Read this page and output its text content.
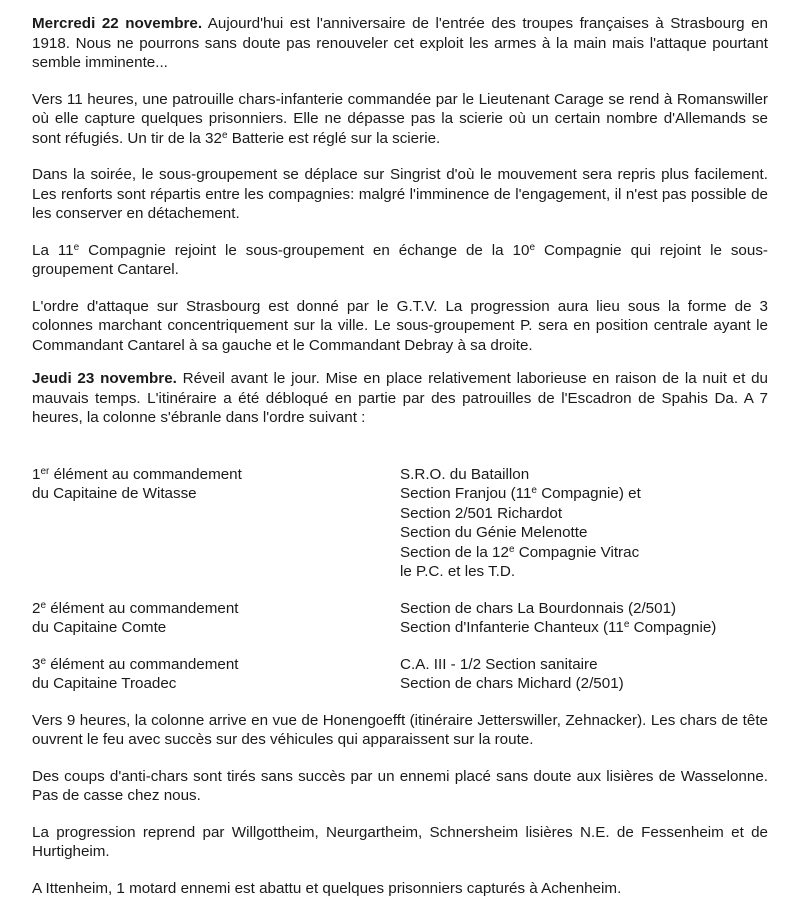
Mercredi 22 novembre. Aujourd'hui est l'anniversaire de l'entrée des troupes françaises à Strasbourg en 1918. Nous ne pourrons sans doute pas renouveler cet exploit les armes à la main mais l'attaque pourtant semble imminente...

Vers 11 heures, une patrouille chars-infanterie commandée par le Lieutenant Carage se rend à Romanswiller où elle capture quelques prisonniers. Elle ne dépasse pas la scierie où un certain nombre d'Allemands se sont réfugiés. Un tir de la 32e Batterie est réglé sur la scierie.

Dans la soirée, le sous-groupement se déplace sur Singrist d'où le mouvement sera repris plus facilement. Les renforts sont répartis entre les compagnies: malgré l'imminence de l'engagement, il n'est pas possible de les conserver en détachement.

La 11e Compagnie rejoint le sous-groupement en échange de la 10e Compagnie qui rejoint le sous-groupement Cantarel.

L'ordre d'attaque sur Strasbourg est donné par le G.T.V. La progression aura lieu sous la forme de 3 colonnes marchant concentriquement sur la ville. Le sous-groupement P. sera en position centrale ayant le Commandant Cantarel à sa gauche et le Commandant Debray à sa droite.

Jeudi 23 novembre. Réveil avant le jour. Mise en place relativement laborieuse en raison de la nuit et du mauvais temps. L'itinéraire a été débloqué en partie par des patrouilles de l'Escadron de Spahis Da. A 7 heures, la colonne s'ébranle dans l'ordre suivant :

1er élément au commandement
du Capitaine de Witasse
S.R.O. du Bataillon
Section Franjou (11e Compagnie) et
Section 2/501 Richardot
Section du Génie Melenotte
Section de la 12e Compagnie Vitrac
le P.C. et les T.D.
2e élément au commandement
du Capitaine Comte
Section de chars La Bourdonnais (2/501)
Section d'Infanterie Chanteux (11e Compagnie)
3e élément au commandement
du Capitaine Troadec
C.A. III - 1/2 Section sanitaire
Section de chars Michard (2/501)

Vers 9 heures, la colonne arrive en vue de Honengoefft (itinéraire Jetterswiller, Zehnacker). Les chars de tête ouvrent le feu avec succès sur des véhicules qui apparaissent sur la route.

Des coups d'anti-chars sont tirés sans succès par un ennemi placé sans doute aux lisières de Wasselonne. Pas de casse chez nous.

La progression reprend par Willgottheim, Neurgartheim, Schnersheim lisières N.E. de Fessenheim et de Hurtigheim.

A Ittenheim, 1 motard ennemi est abattu et quelques prisonniers capturés à Achenheim.
